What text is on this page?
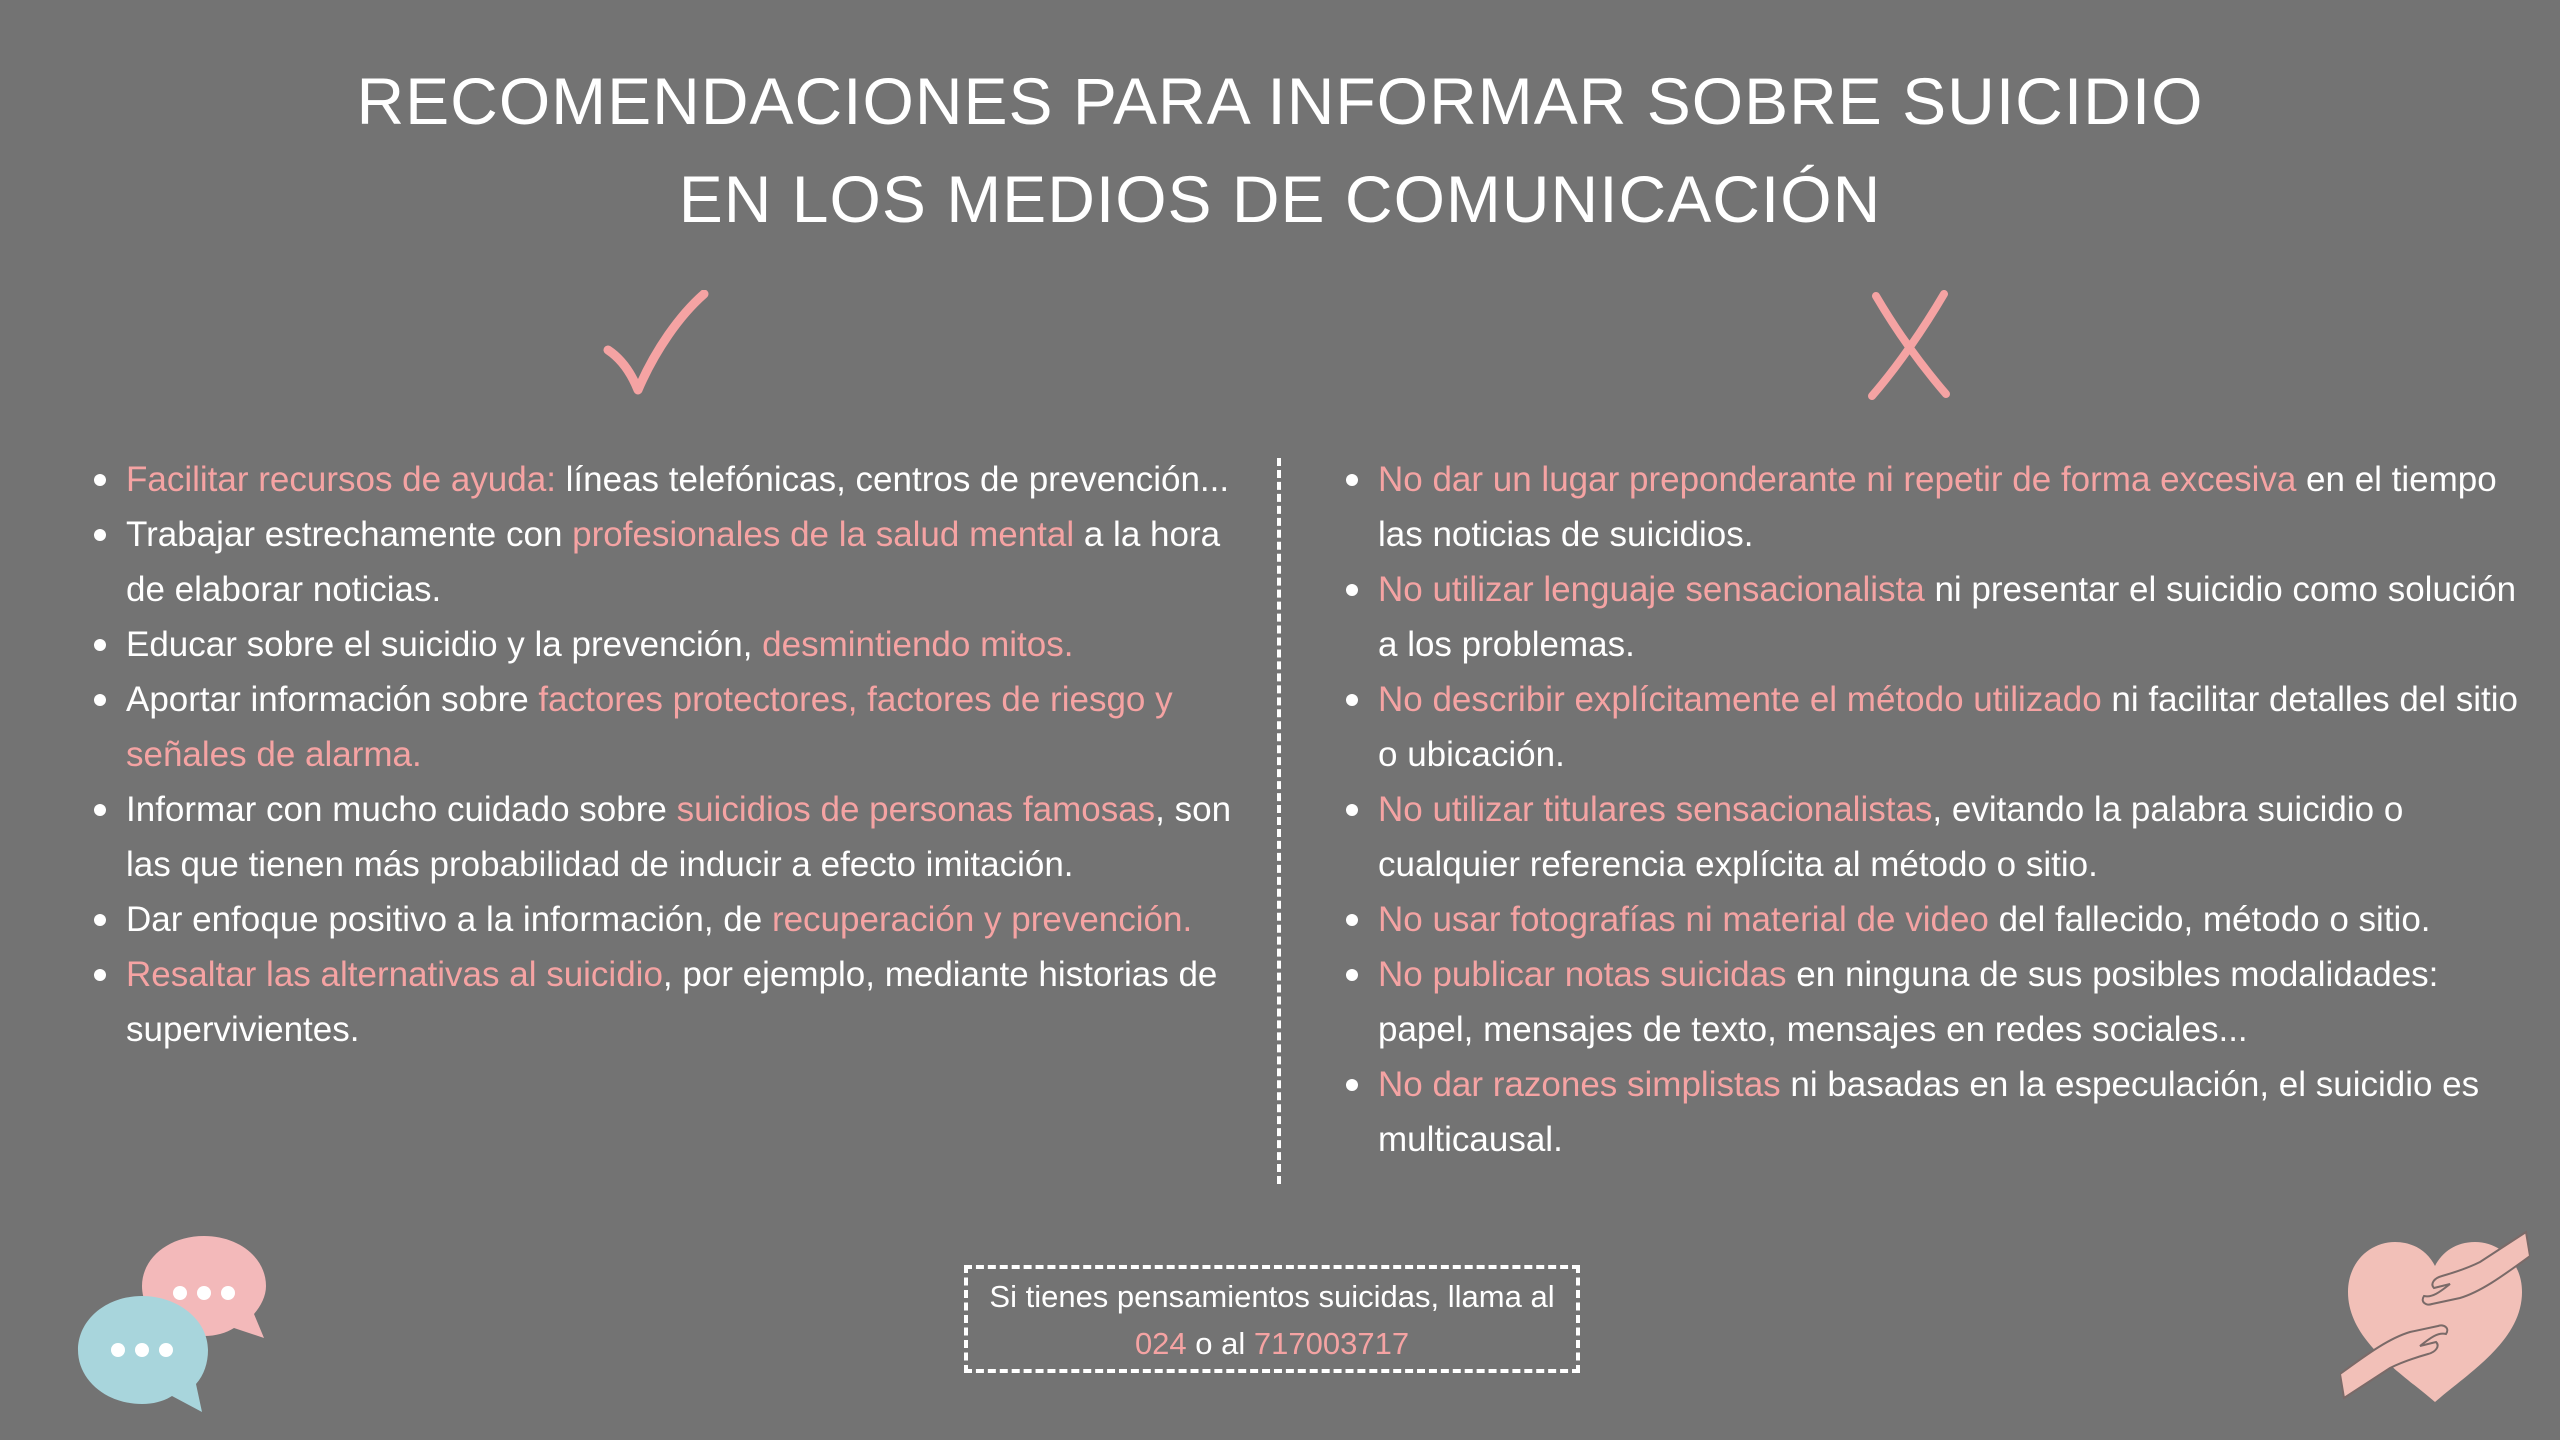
RECOMENDACIONES PARA INFORMAR SOBRE SUICIDIO
EN LOS MEDIOS DE COMUNICACIÓN
Facilitar recursos de ayuda: líneas telefónicas, centros de prevención...
Trabajar estrechamente con profesionales de la salud mental a la hora de elaborar noticias.
Educar sobre el suicidio y la prevención, desmintiendo mitos.
Aportar información sobre factores protectores, factores de riesgo y señales de alarma.
Informar con mucho cuidado sobre suicidios de personas famosas, son las que tienen más probabilidad de inducir a efecto imitación.
Dar enfoque positivo a la información, de recuperación y prevención.
Resaltar las alternativas al suicidio, por ejemplo, mediante historias de supervivientes.
No dar un lugar preponderante ni repetir de forma excesiva en el tiempo las noticias de suicidios.
No utilizar lenguaje sensacionalista ni presentar el suicidio como solución a los problemas.
No describir explícitamente el método utilizado ni facilitar detalles del sitio o ubicación.
No utilizar titulares sensacionalistas, evitando la palabra suicidio o cualquier referencia explícita al método o sitio.
No usar fotografías ni material de video del fallecido, método o sitio.
No publicar notas suicidas en ninguna de sus posibles modalidades: papel, mensajes de texto, mensajes en redes sociales...
No dar razones simplistas ni basadas en la especulación, el suicidio es multicausal.
Si tienes pensamientos suicidas, llama al
024 o al 717003717
